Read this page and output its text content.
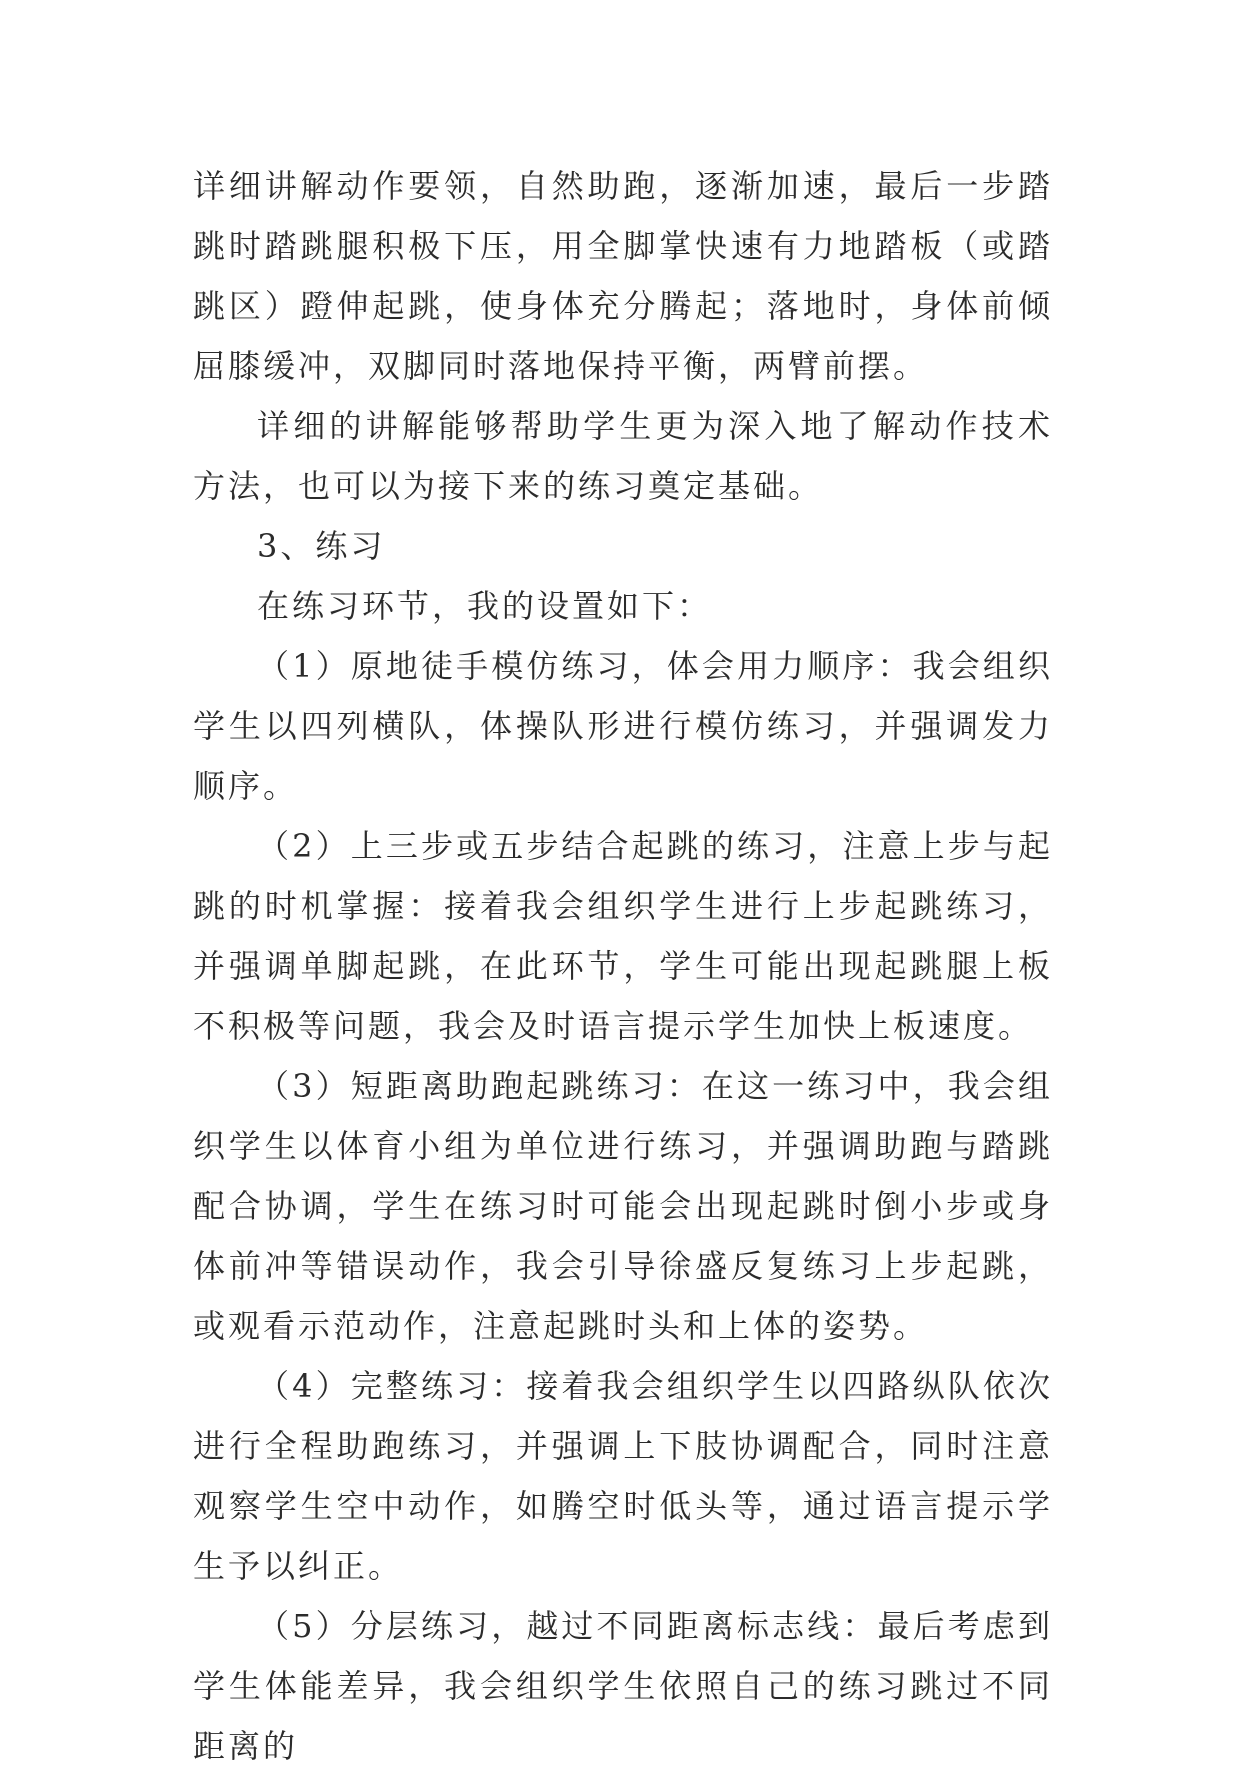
详细讲解动作要领，自然助跑，逐渐加速，最后一步踏跳时踏跳腿积极下压，用全脚掌快速有力地踏板（或踏跳区）蹬伸起跳，使身体充分腾起；落地时，身体前倾屈膝缓冲，双脚同时落地保持平衡，两臂前摆。

详细的讲解能够帮助学生更为深入地了解动作技术方法，也可以为接下来的练习奠定基础。

3、练习

在练习环节，我的设置如下：

（1）原地徒手模仿练习，体会用力顺序：我会组织学生以四列横队，体操队形进行模仿练习，并强调发力顺序。

（2）上三步或五步结合起跳的练习，注意上步与起跳的时机掌握：接着我会组织学生进行上步起跳练习，并强调单脚起跳，在此环节，学生可能出现起跳腿上板不积极等问题，我会及时语言提示学生加快上板速度。

（3）短距离助跑起跳练习：在这一练习中，我会组织学生以体育小组为单位进行练习，并强调助跑与踏跳配合协调，学生在练习时可能会出现起跳时倒小步或身体前冲等错误动作，我会引导徐盛反复练习上步起跳，或观看示范动作，注意起跳时头和上体的姿势。

（4）完整练习：接着我会组织学生以四路纵队依次进行全程助跑练习，并强调上下肢协调配合，同时注意观察学生空中动作，如腾空时低头等，通过语言提示学生予以纠正。

（5）分层练习，越过不同距离标志线：最后考虑到学生体能差异，我会组织学生依照自己的练习跳过不同距离的
